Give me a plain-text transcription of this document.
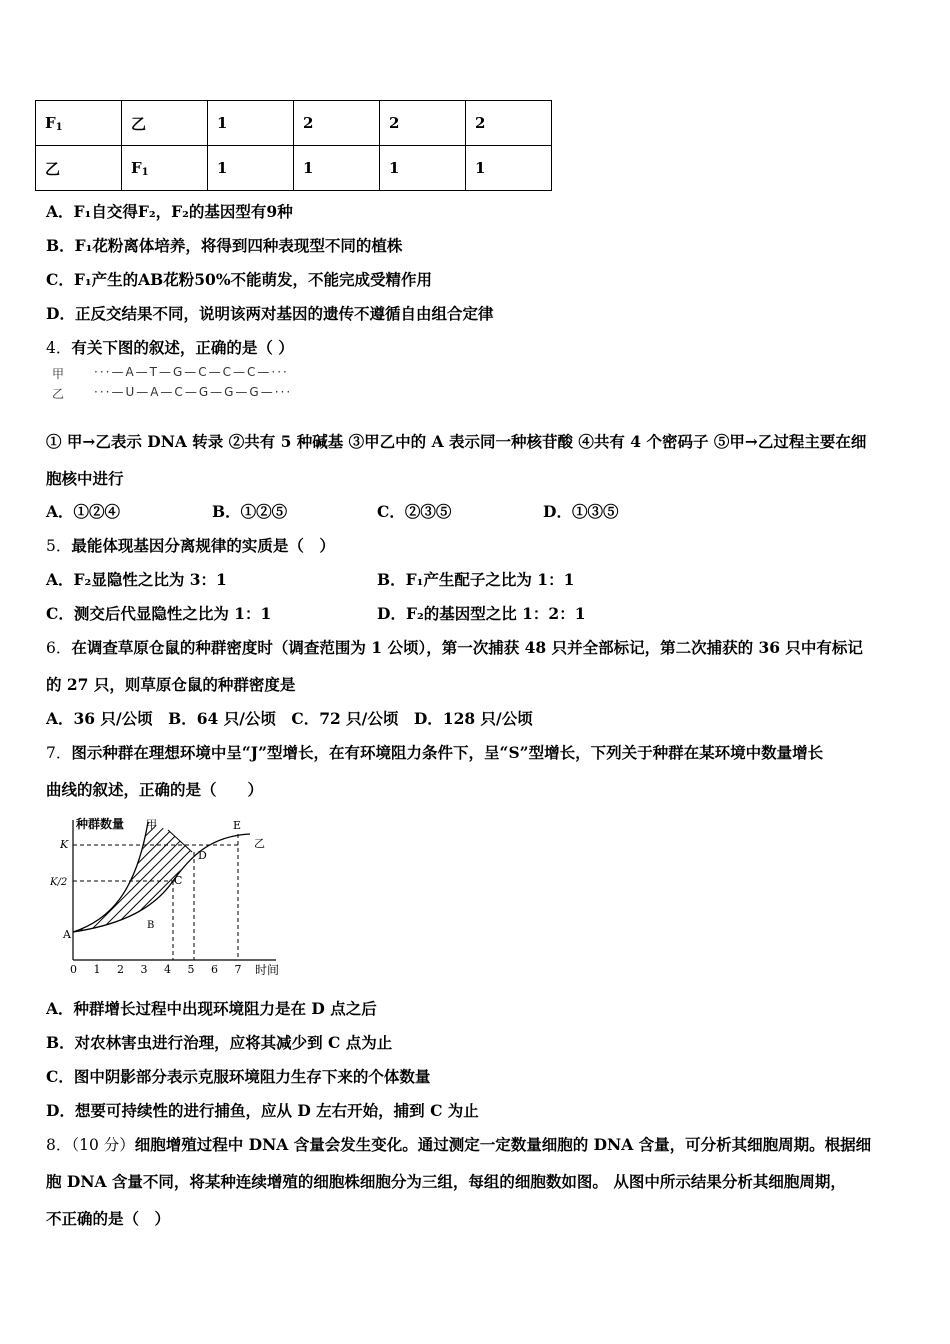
$F_1$	乙	1	2	2	2
乙	$F_1$	1	1	1	1
A．F₁自交得F₂，F₂的基因型有9种
B．F₁花粉离体培养，将得到四种表现型不同的植株
C．F₁产生的AB花粉50%不能萌发，不能完成受精作用
D．正反交结果不同，说明该两对基因的遗传不遵循自由组合定律
4．有关下图的叙述，正确的是（ ）
甲
乙
···—A—T—G—C—C—C—···
···—U—A—C—G—G—G—···
① 甲→乙表示 DNA 转录 ②共有 5 种碱基 ③甲乙中的 A 表示同一种核苷酸 ④共有 4 个密码子 ⑤甲→乙过程主要在细
胞核中进行
A．①②④	B．①②⑤	C．②③⑤	D．①③⑤
5．最能体现基因分离规律的实质是（　）
A．F₂显隐性之比为 3：1	B．F₁产生配子之比为 1：1
C．测交后代显隐性之比为 1：1	D．F₂的基因型之比 1：2：1
6．在调查草原仓鼠的种群密度时（调查范围为 1 公顷），第一次捕获 48 只并全部标记，第二次捕获的 36 只中有标记
的 27 只，则草原仓鼠的种群密度是
A．36 只/公顷　B．64 只/公顷　C．72 只/公顷　D．128 只/公顷
7．图示种群在理想环境中呈“J”型增长，在有环境阻力条件下，呈“S”型增长，下列关于种群在某环境中数量增长
曲线的叙述，正确的是（　　）
种群数量
时间
K
K/2
甲
乙
A
B
C
D
E
0 1 2 3 4 5 6 7
A．种群增长过程中出现环境阻力是在 D 点之后
B．对农林害虫进行治理，应将其减少到 C 点为止
C．图中阴影部分表示克服环境阻力生存下来的个体数量
D．想要可持续性的进行捕鱼，应从 D 左右开始，捕到 C 为止
8．（10 分）细胞增殖过程中 DNA 含量会发生变化。通过测定一定数量细胞的 DNA 含量，可分析其细胞周期。根据细
胞 DNA 含量不同，将某种连续增殖的细胞株细胞分为三组，每组的细胞数如图。 从图中所示结果分析其细胞周期，
不正确的是（　）
